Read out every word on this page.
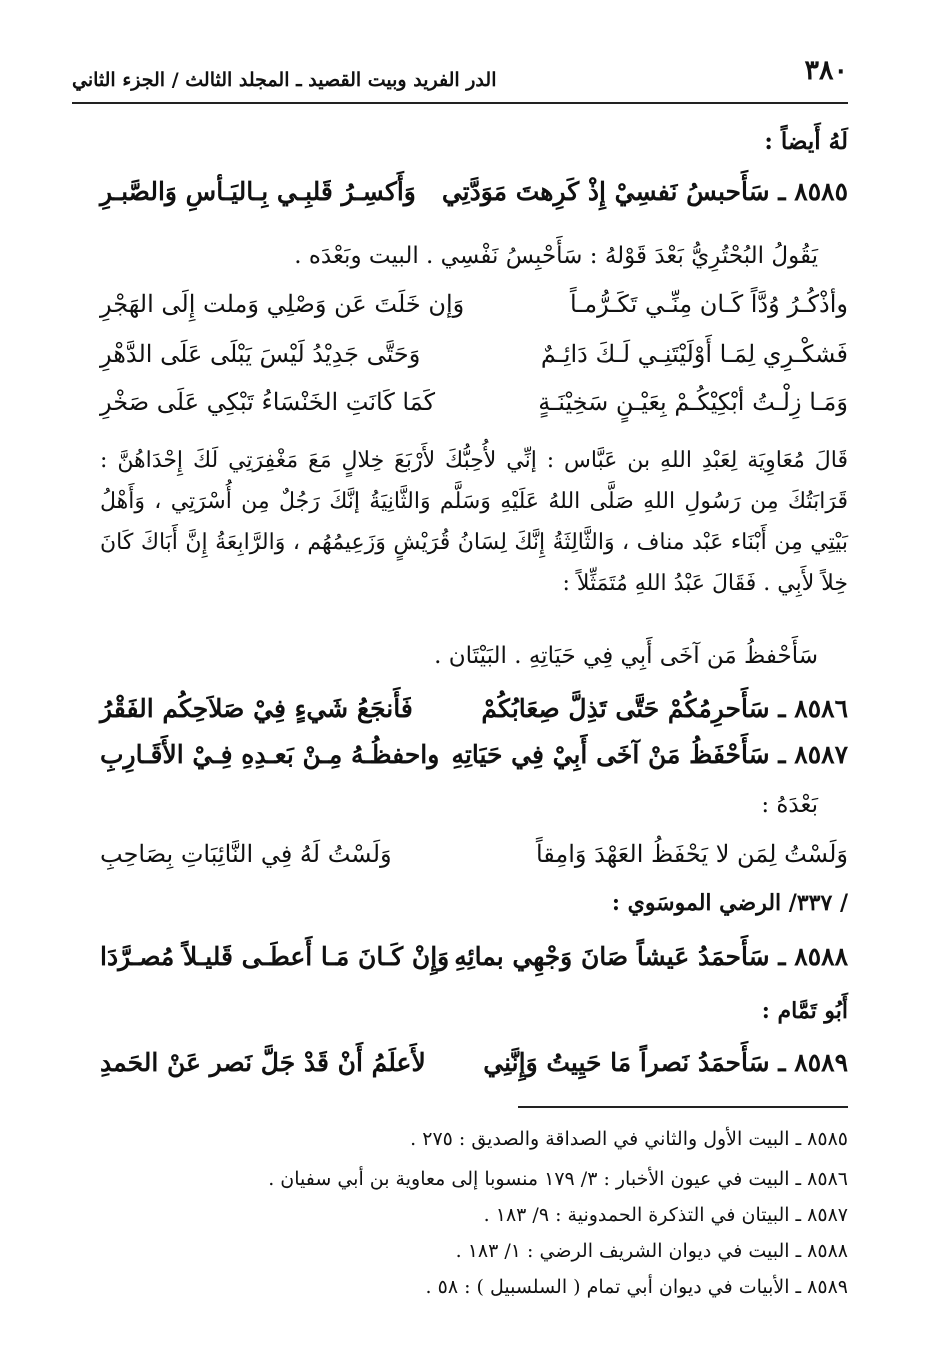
٣٨٠
الدر الفريد وبيت القصيد ـ المجلد الثالث / الجزء الثاني
لَهُ أَيضاً :
٨٥٨٥ ـ سَأَحبسُ نَفسِيْ إِذْ كَرِهتَ مَوَدَّتِي
وَأَكسِـرُ قَلبِـي بِـاليَـأسِ وَالصَّبـرِ
يَقُولُ البُحْتُرِيُّ بَعْدَ قَوْلهُ : سَأَحْبِسُ نَفْسِي . البيت وبَعْدَه .
وأذْكُـرُ وُدَّاً كَـان مِنِّـي تَكَـرُّمـاً
وَإن خَلَتَ عَن وَصْلِي وَملت إِلَى الهَجْرِ
فَشكْـرِي لِمَـا أَوْلَيْتَنِـي لَـكَ دَائِـمٌ
وَحَتَّى جَدِيْدُ لَيْسَ يَبْلَى عَلَى الدَّهْرِ
وَمَـا زِلْـتُ أبْكِيْكُـمْ بِعَيْـنٍ سَخِيْنَـةٍ
كَمَا كَانَتِ الخَنْسَاءُ تَبْكِي عَلَى صَخْرِ
قَالَ مُعَاوِيَة لِعَبْدِ اللهِ بن عَبَّاس : إنِّي لأُحِبُّكَ لأَرْبَعَ خِلالٍ مَعَ مَغْفِرَتِي لَكَ إِحْدَاهُنَّ : قَرَابَتُكَ مِن رَسُولِ اللهِ صَلَّى اللهُ عَلَيْهِ وَسَلَّم وَالثَّانِيَةُ إنَّكَ رَجُلٌ مِن أُسْرَتِي ، وَأَهْلُ بَيْتِي مِن أَبْنَاء عَبْد مناف ، وَالثَّالِثَةُ إِنَّكَ لِسَانُ قُرَيْشٍ وَزَعِيمُهُم ، وَالرَّابِعَةُ إِنَّ أَبَاكَ كَانَ خِلاً لأَبِي . فَقَالَ عَبْدُ اللهِ مُتَمَثِّلاً :
سَأَحْفظُ مَن آخَى أَبِي فِي حَيَاتِهِ . البَيْتَان .
٨٥٨٦ ـ سَأَحرِمُكُمْ حَتَّى تَذِلَّ صِعَابُكُمْ
فَأَنجَعُ شَيءٍ فِيْ صَلاَحِكُم الفَقْرُ
٨٥٨٧ ـ سَأَحْفَظُ مَنْ آخَى أَبِيْ فِي حَيَاتِهِ
واحفظُـهُ مِـنْ بَعـدِهِ فِـيْ الأَقَـارِبِ
بَعْدَهُ :
وَلَسْتُ لِمَن لا يَحْفَظُ العَهْدَ وَامِقاً
وَلَسْتُ لَهُ فِي النَّائِبَاتِ بِصَاحِبِ
/ ٣٣٧/ الرضي الموسَوي :
٨٥٨٨ ـ سَأَحمَدُ عَيشاً صَانَ وَجْهِي بمائِهِ
وَإِنْ كَـانَ مَـا أَعطَـى قَليـلاً مُصـرَّدَا
أَبُو تَمَّام :
٨٥٨٩ ـ سَأَحمَدُ نَصراً مَا حَيِيتُ وَإِنَّنِي
لأَعلَمُ أَنْ قَدْ جَلَّ نَصر عَنْ الحَمدِ
٨٥٨٥ ـ البيت الأول والثاني في الصداقة والصديق : ٢٧٥ .
٨٥٨٦ ـ البيت في عيون الأخبار : ٣/ ١٧٩ منسوبا إلى معاوية بن أبي سفيان .
٨٥٨٧ ـ البيتان في التذكرة الحمدونية : ٩/ ١٨٣ .
٨٥٨٨ ـ البيت في ديوان الشريف الرضي : ١/ ١٨٣ .
٨٥٨٩ ـ الأبيات في ديوان أبي تمام ( السلسبيل ) : ٥٨ .
